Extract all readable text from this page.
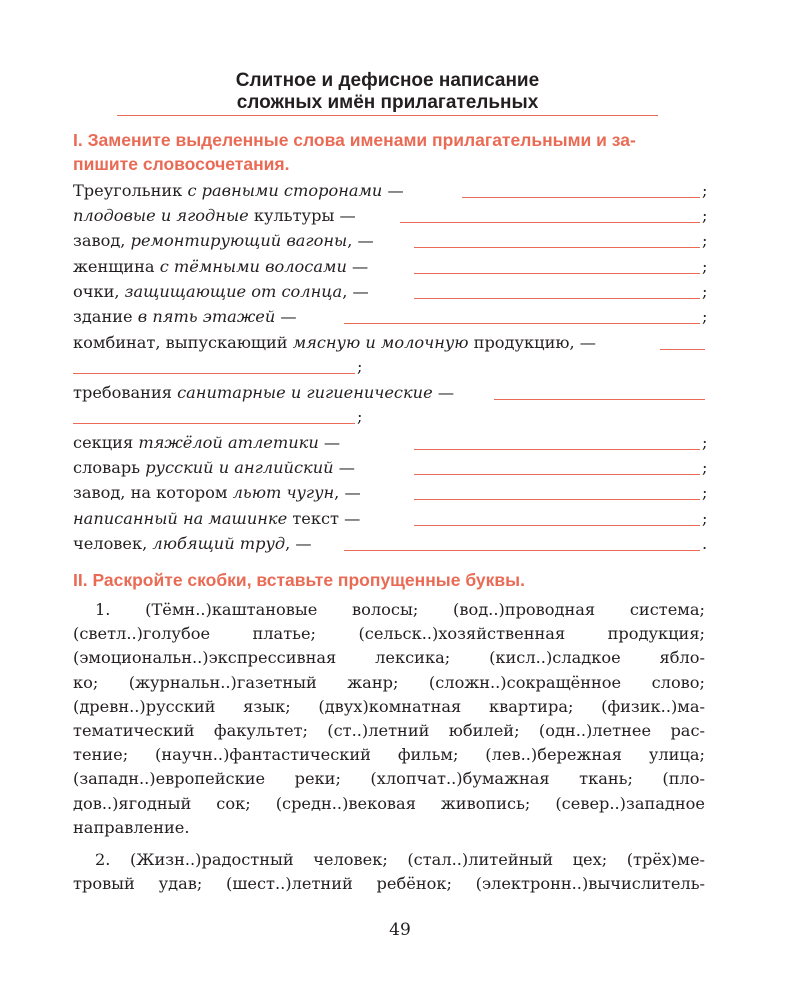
Слитное и дефисное написание
сложных имён прилагательных
I. Замените выделенные слова именами прилагательными и за-
пишите словосочетания.
Треугольник с равными сторонами —	;
плодовые и ягодные культуры —	;
завод, ремонтирующий вагоны , —	;
женщина с тёмными волосами —	;
очки, защищающие от солнца , —	;
здание в пять этажей —	;
комбинат, выпускающий мясную и молочную продукцию, —
;
требования санитарные и гигиенические —
;
секция тяжёлой атлетики —	;
словарь русский и английский —	;
завод, на котором льют чугун , —	;
написанный на машинке текст —	;
человек, любящий труд , —	.
II. Раскройте скобки, вставьте пропущенные буквы.
1. (Тёмн..)каштановые волосы; (вод..)проводная система;
(светл..)голубое платье; (сельск..)хозяйственная продукция;
(эмоциональн..)экспрессивная лексика; (кисл..)сладкое ябло-
ко; (журнальн..)газетный жанр; (сложн..)сокращённое слово;
(древн..)русский язык; (двух)комнатная квартира; (физик..)ма-
тематический факультет; (ст..)летний юбилей; (одн..)летнее рас-
тение; (научн..)фантастический фильм; (лев..)бережная улица;
(западн..)европейские реки; (хлопчат..)бумажная ткань; (пло-
дов..)ягодный сок; (средн..)вековая живопись; (север..)западное
направление.
2. (Жизн..)радостный человек; (стал..)литейный цех; (трёх)ме-
тровый удав; (шест..)летний ребёнок; (электронн..)вычислитель-
49
